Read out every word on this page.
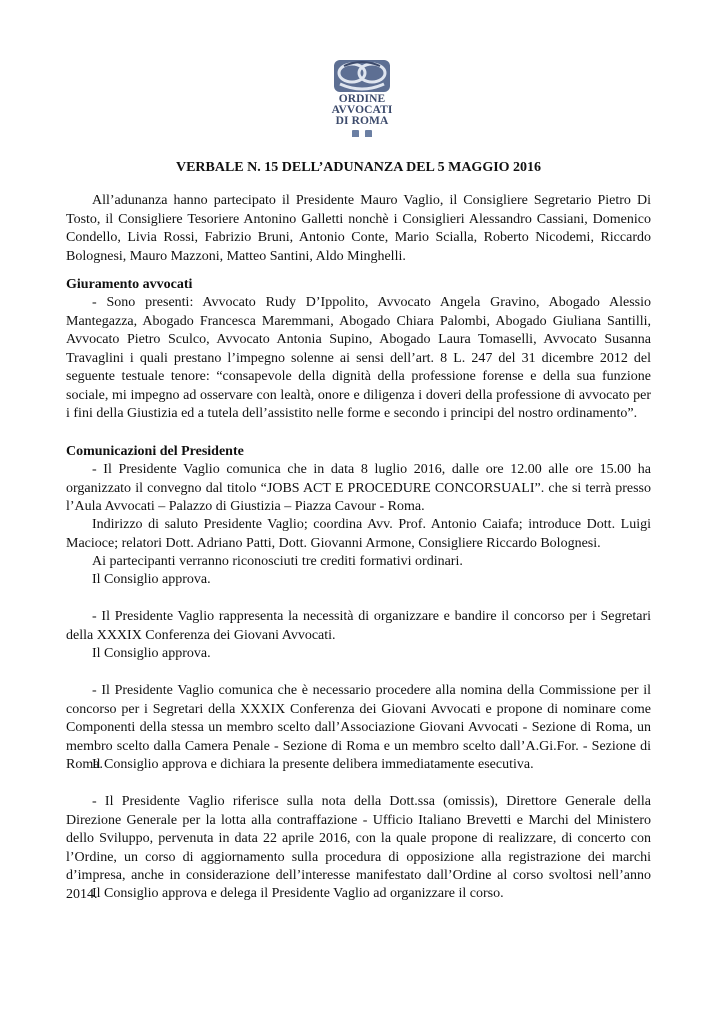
ORDINE
AVVOCATI
DI ROMA
VERBALE N. 15 DELL’ADUNANZA DEL 5 MAGGIO 2016
All’adunanza hanno partecipato il Presidente Mauro Vaglio, il Consigliere Segretario Pietro Di Tosto, il Consigliere Tesoriere Antonino Galletti nonchè i Consiglieri Alessandro Cassiani, Domenico Condello, Livia Rossi, Fabrizio Bruni, Antonio Conte, Mario Scialla, Roberto Nicodemi, Riccardo Bolognesi, Mauro Mazzoni, Matteo Santini, Aldo Minghelli.
Giuramento avvocati
- Sono presenti: Avvocato Rudy D’Ippolito, Avvocato Angela Gravino, Abogado Alessio Mantegazza, Abogado Francesca Maremmani, Abogado Chiara Palombi, Abogado Giuliana Santilli, Avvocato Pietro Sculco, Avvocato Antonia Supino, Abogado Laura Tomaselli, Avvocato Susanna Travaglini i quali prestano l’impegno solenne ai sensi dell’art. 8 L. 247 del 31 dicembre 2012 del seguente testuale tenore: “consapevole della dignità della professione forense e della sua funzione sociale, mi impegno ad osservare con lealtà, onore e diligenza i doveri della professione di avvocato per i fini della Giustizia ed a tutela dell’assistito nelle forme e secondo i principi del nostro ordinamento”.
Comunicazioni del Presidente
- Il Presidente Vaglio comunica che in data 8 luglio 2016, dalle ore 12.00 alle ore 15.00 ha organizzato il convegno dal titolo “JOBS ACT E PROCEDURE CONCORSUALI”. che si terrà presso l’Aula Avvocati – Palazzo di Giustizia – Piazza Cavour - Roma.
Indirizzo di saluto Presidente Vaglio; coordina Avv. Prof. Antonio Caiafa; introduce Dott. Luigi Macioce; relatori Dott. Adriano Patti, Dott. Giovanni Armone, Consigliere Riccardo Bolognesi.
Ai partecipanti verranno riconosciuti tre crediti formativi ordinari.
Il Consiglio approva.
- Il Presidente Vaglio rappresenta la necessità di organizzare e bandire il concorso per i Segretari della XXXIX Conferenza dei Giovani Avvocati.
Il Consiglio approva.
- Il Presidente Vaglio comunica che è necessario procedere alla nomina della Commissione per il concorso per i Segretari della XXXIX Conferenza dei Giovani Avvocati e propone di nominare come Componenti della stessa un membro scelto dall’Associazione Giovani Avvocati - Sezione di Roma, un membro scelto dalla Camera Penale - Sezione di Roma e un membro scelto dall’A.Gi.For. - Sezione di Roma.
Il Consiglio approva e dichiara la presente delibera immediatamente esecutiva.
- Il Presidente Vaglio riferisce sulla nota della Dott.ssa (omissis), Direttore Generale della Direzione Generale per la lotta alla contraffazione - Ufficio Italiano Brevetti e Marchi del Ministero dello Sviluppo, pervenuta in data 22 aprile 2016, con la quale propone di realizzare, di concerto con l’Ordine, un corso di aggiornamento sulla procedura di opposizione alla registrazione dei marchi d’impresa, anche in considerazione dell’interesse manifestato dall’Ordine al corso svoltosi nell’anno 2014.
Il Consiglio approva e delega il Presidente Vaglio ad organizzare il corso.
